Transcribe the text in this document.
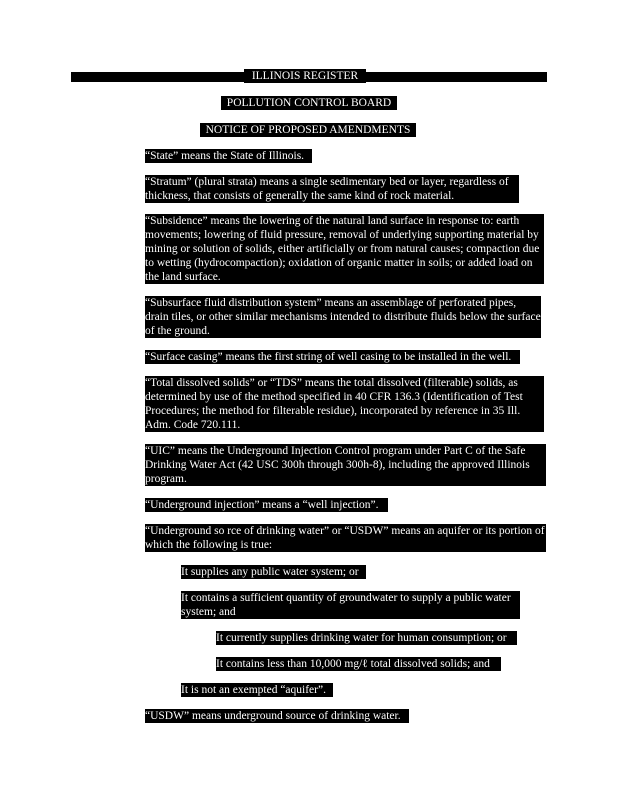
ILLINOIS REGISTER
POLLUTION CONTROL BOARD
NOTICE OF PROPOSED AMENDMENTS
“State” means the State of Illinois.
“Stratum” (plural strata) means a single sedimentary bed or layer, regardless of thickness, that consists of generally the same kind of rock material.
“Subsidence” means the lowering of the natural land surface in response to: earth movements; lowering of fluid pressure, removal of underlying supporting material by mining or solution of solids, either artificially or from natural causes; compaction due to wetting (hydrocompaction); oxidation of organic matter in soils; or added load on the land surface.
“Subsurface fluid distribution system” means an assemblage of perforated pipes, drain tiles, or other similar mechanisms intended to distribute fluids below the surface of the ground.
“Surface casing” means the first string of well casing to be installed in the well.
“Total dissolved solids” or “TDS” means the total dissolved (filterable) solids, as determined by use of the method specified in 40 CFR 136.3 (Identification of Test Procedures; the method for filterable residue), incorporated by reference in 35 Ill. Adm. Code 720.111.
“UIC” means the Underground Injection Control program under Part C of the Safe Drinking Water Act (42 USC 300h through 300h-8), including the approved Illinois program.
“Underground injection” means a “well injection”.
“Underground so rce of drinking water” or “USDW” means an aquifer or its portion of which the following is true:
It supplies any public water system; or
It contains a sufficient quantity of groundwater to supply a public water system; and
It currently supplies drinking water for human consumption; or
It contains less than 10,000 mg/ℓ total dissolved solids; and
It is not an exempted “aquifer”.
“USDW” means underground source of drinking water.
